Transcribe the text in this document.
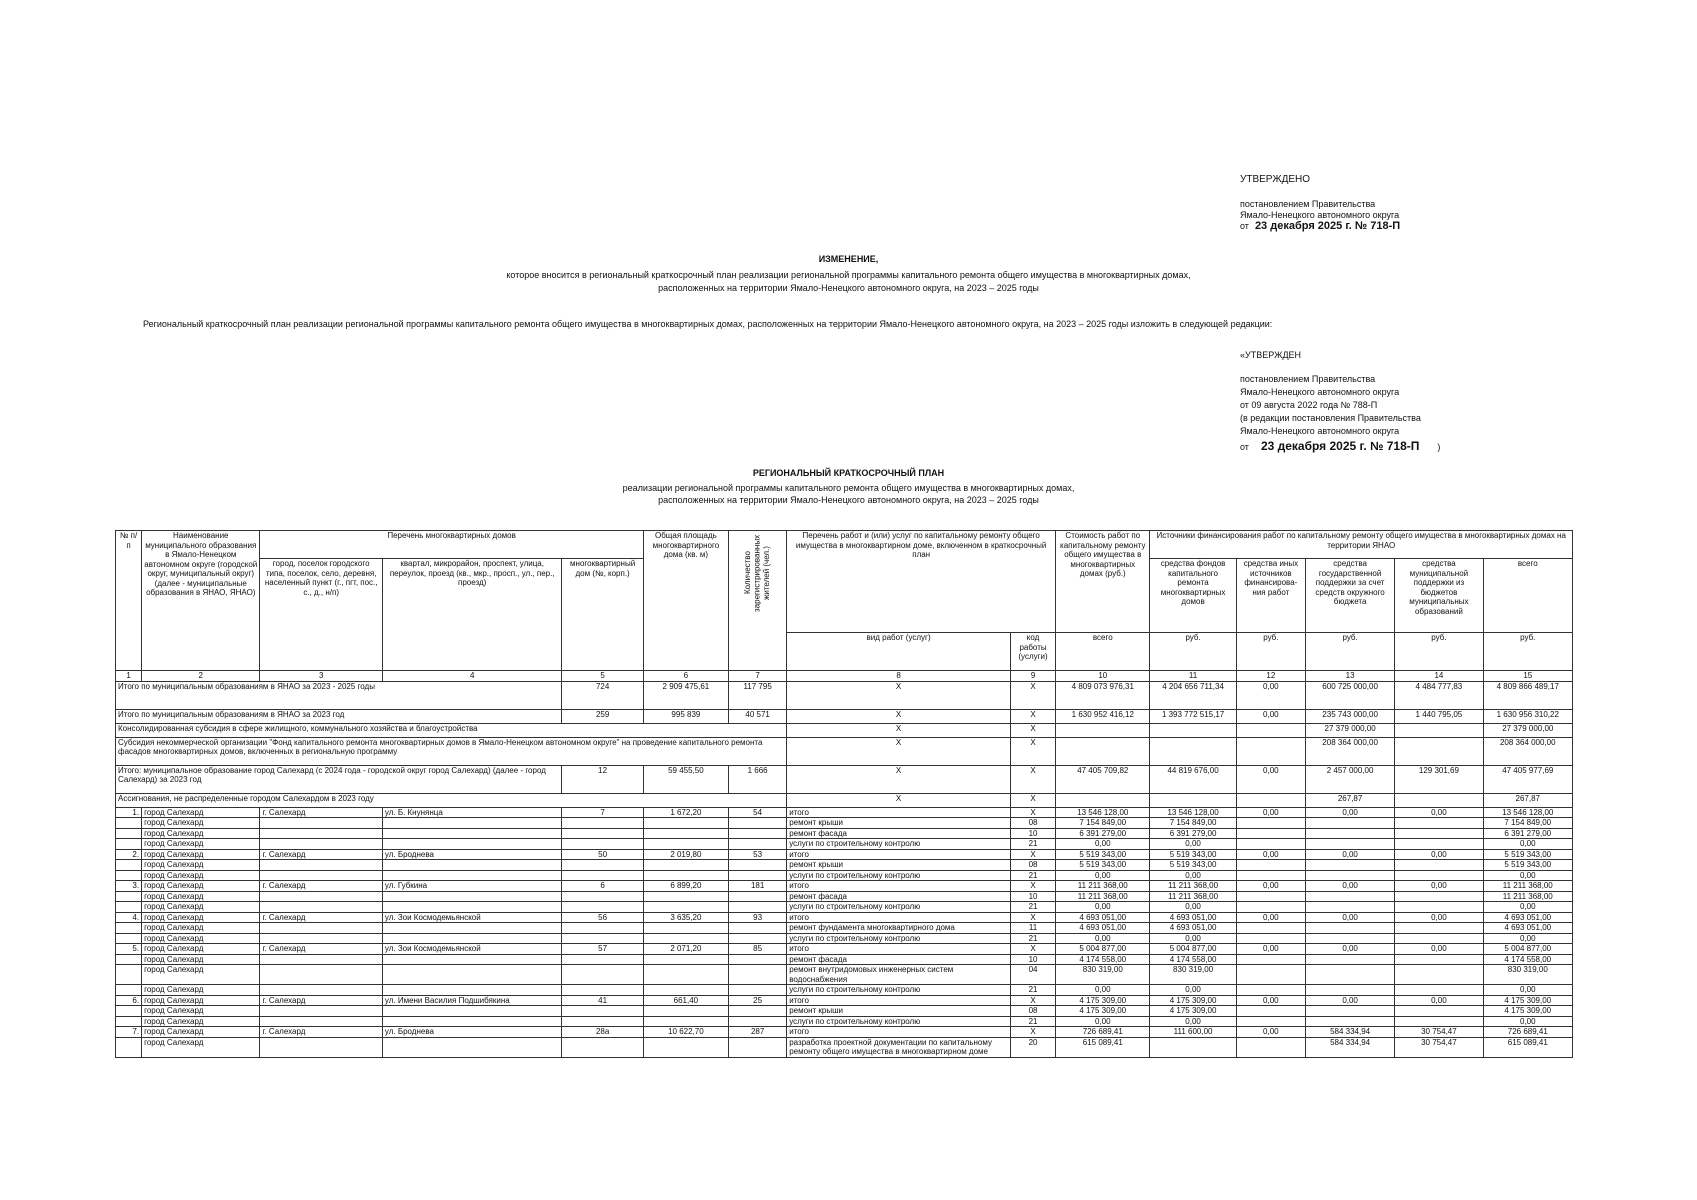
УТВЕРЖДЕНО
постановлением Правительства
Ямало-Ненецкого автономного округа
от 23 декабря 2025 г. № 718-П
ИЗМЕНЕНИЕ,
которое вносится в региональный краткосрочный план реализации региональной программы капитального ремонта общего имущества в многоквартирных домах,
расположенных на территории Ямало-Ненецкого автономного округа, на 2023 – 2025 годы
Региональный краткосрочный план реализации региональной программы капитального ремонта общего имущества в многоквартирных домах, расположенных на территории Ямало-Ненецкого автономного округа, на 2023 – 2025 годы изложить в следующей редакции:
«УТВЕРЖДЕН
постановлением Правительства
Ямало-Ненецкого автономного округа
от 09 августа 2022 года № 788-П
(в редакции постановления Правительства
Ямало-Ненецкого автономного округа
от 23 декабря 2025 г. № 718-П )
РЕГИОНАЛЬНЫЙ КРАТКОСРОЧНЫЙ ПЛАН
реализации региональной программы капитального ремонта общего имущества в многоквартирных домах,
расположенных на территории Ямало-Ненецкого автономного округа, на 2023 – 2025 годы
№ п/п	Наименование муниципального образования в Ямало-Ненецком автономном округе (городской округ, муниципальный округ) (далее - муниципальные образования в ЯНАО, ЯНАО)	Перечень многоквартирных домов			Общая площадь многоквартирного дома (кв. м)	Количество зарегистрированных жителей (чел.)	Перечень работ и (или) услуг по капитальному ремонту общего имущества в многоквартирном доме, включенном в краткосрочный план		Стоимость работ по капитальному ремонту общего имущества в многоквартирных домах (руб.)	Источники финансирования работ по капитальному ремонту общего имущества в многоквартирных домах на территории ЯНАО				
		город, поселок городского типа, поселок, село, деревня, населенный пункт (г., пгт, пос., с., д., н/п)	квартал, микрорайон, проспект, улица, переулок, проезд (кв., мкр., просп., ул., пер., проезд)	многоквартирный дом (№, корп.)						средства фондов капитального ремонта многоквартирных домов	средства иных источников финансирова-ния работ	средства государственной поддержки за счет средств окружного бюджета	средства муниципальной поддержки из бюджетов муниципальных образований	всего
							вид работ (услуг)	код работы (услуги)	всего	руб.	руб.	руб.	руб.	руб.
1	2	3	4	5	6	7	8	9	10	11	12	13	14	15
Итого по муниципальным образованиям в ЯНАО за 2023 - 2025 годы				724	2 909 475,61	117 795	Х	Х	4 809 073 976,31	4 204 656 711,34	0,00	600 725 000,00	4 484 777,83	4 809 866 489,17
Итого по муниципальным образованиям в ЯНАО за 2023 год				259	995 839	40 571	Х	Х	1 630 952 416,12	1 393 772 515,17	0,00	235 743 000,00	1 440 795,05	1 630 956 310,22
Консолидированная субсидия в сфере жилищного, коммунального хозяйства и благоустройства							Х	Х				27 379 000,00		27 379 000,00
Субсидия некоммерческой организации "Фонд капитального ремонта многоквартирных домов в Ямало-Ненецком автономном округе" на проведение капитального ремонта фасадов многоквартирных домов, включенных в региональную программу							Х	Х				208 364 000,00		208 364 000,00
Итого: муниципальное образование город Салехард (с 2024 года - городской округ город Салехард) (далее - город Салехард) за 2023 год				12	59 455,50	1 666	Х	Х	47 405 709,82	44 819 676,00	0,00	2 457 000,00	129 301,69	47 405 977,69
Ассигнования, не распределенные городом Салехардом в 2023 году							Х	Х				267,87		267,87
1.	город Салехард	г. Салехард	ул. Б. Кнунянца	7	1 672,20	54	итого	Х	13 546 128,00	13 546 128,00	0,00	0,00	0,00	13 546 128,00
	город Салехард						ремонт крыши	08	7 154 849,00	7 154 849,00				7 154 849,00
	город Салехард						ремонт фасада	10	6 391 279,00	6 391 279,00				6 391 279,00
	город Салехард						услуги по строительному контролю	21	0,00	0,00				0,00
2.	город Салехард	г. Салехард	ул. Броднева	50	2 019,80	53	итого	Х	5 519 343,00	5 519 343,00	0,00	0,00	0,00	5 519 343,00
	город Салехард						ремонт крыши	08	5 519 343,00	5 519 343,00				5 519 343,00
	город Салехард						услуги по строительному контролю	21	0,00	0,00				0,00
3.	город Салехард	г. Салехард	ул. Губкина	6	6 899,20	181	итого	Х	11 211 368,00	11 211 368,00	0,00	0,00	0,00	11 211 368,00
	город Салехард						ремонт фасада	10	11 211 368,00	11 211 368,00				11 211 368,00
	город Салехард						услуги по строительному контролю	21	0,00	0,00				0,00
4.	город Салехард	г. Салехард	ул. Зои Космодемьянской	56	3 635,20	93	итого	Х	4 693 051,00	4 693 051,00	0,00	0,00	0,00	4 693 051,00
	город Салехард						ремонт фундамента многоквартирного дома	11	4 693 051,00	4 693 051,00				4 693 051,00
	город Салехард						услуги по строительному контролю	21	0,00	0,00				0,00
5.	город Салехард	г. Салехард	ул. Зои Космодемьянской	57	2 071,20	85	итого	Х	5 004 877,00	5 004 877,00	0,00	0,00	0,00	5 004 877,00
	город Салехард						ремонт фасада	10	4 174 558,00	4 174 558,00				4 174 558,00
	город Салехард						ремонт внутридомовых инженерных систем водоснабжения	04	830 319,00	830 319,00				830 319,00
	город Салехард						услуги по строительному контролю	21	0,00	0,00				0,00
6.	город Салехард	г. Салехард	ул. Имени Василия Подшибякина	41	661,40	25	итого	Х	4 175 309,00	4 175 309,00	0,00	0,00	0,00	4 175 309,00
	город Салехард						ремонт крыши	08	4 175 309,00	4 175 309,00				4 175 309,00
	город Салехард						услуги по строительному контролю	21	0,00	0,00				0,00
7.	город Салехард	г. Салехард	ул. Броднева	28а	10 622,70	287	итого	Х	726 689,41	111 600,00	0,00	584 334,94	30 754,47	726 689,41
	город Салехард						разработка проектной документации по капитальному ремонту общего имущества в многоквартирном доме	20	615 089,41			584 334,94	30 754,47	615 089,41
